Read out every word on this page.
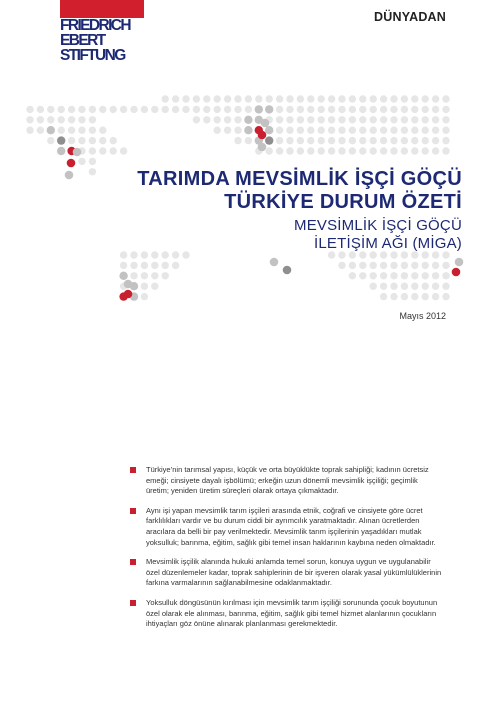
FRIEDRICH
EBERT
STIFTUNG
DÜNYADAN
TARIMDA MEVSİMLİK İŞÇİ GÖÇÜ
TÜRKİYE DURUM ÖZETİ
MEVSİMLİK İŞÇİ GÖÇÜ
İLETİŞİM AĞI (MİGA)
Mayıs 2012
Türkiye’nin tarımsal yapısı, küçük ve orta büyüklükte toprak sahipliği; kadının ücretsiz emeği; cinsiyete dayalı işbölümü; erkeğin uzun dönemli mevsimlik işçiliği; geçimlik üretim; yeniden üretim süreçleri olarak ortaya çıkmaktadır.
Aynı işi yapan mevsimlik tarım işçileri arasında etnik, coğrafi ve cinsiyete göre ücret farklılıkları vardır ve bu durum ciddi bir ayrımcılık yaratmaktadır. Alınan ücretlerden aracılara da belli bir pay verilmektedir. Mevsimlik tarım işçilerinin yaşadıkları mutlak yoksulluk; barınma, eğitim, sağlık gibi temel insan haklarının kaybına neden olmaktadır.
Mevsimlik işçilik alanında hukuki anlamda temel sorun, konuya uygun ve uygulanabilir özel düzenlemeler kadar, toprak sahiplerinin de bir işveren olarak yasal yükümlülüklerinin farkına varmalarının sağlanabilmesine odaklanmaktadır.
Yoksulluk döngüsünün kırılması için mevsimlik tarım işçiliği sorununda çocuk boyutunun özel olarak ele alınması, barınma, eğitim, sağlık gibi temel hizmet alanlarının çocukların ihtiyaçları göz önüne alınarak planlanması gerekmektedir.
